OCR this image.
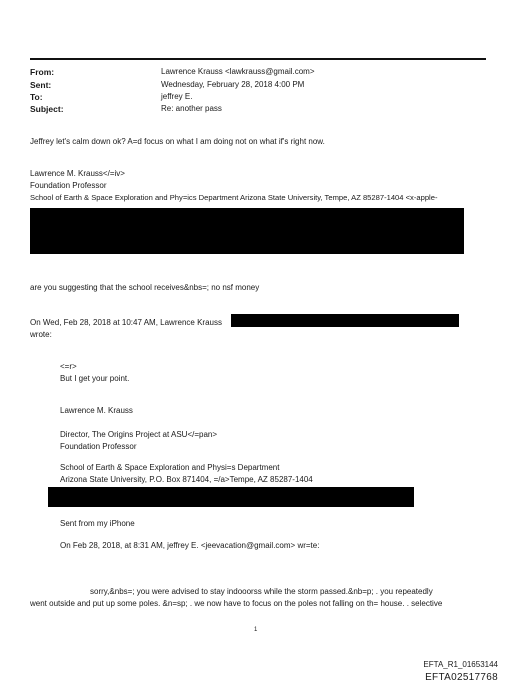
From:	Lawrence Krauss <lawkrauss@gmail.com>
Sent:	Wednesday, February 28, 2018 4:00 PM
To:	jeffrey E.
Subject:	Re: another pass
Jeffrey let's calm down ok? A=d focus on what I am doing not on what if's right now.
Lawrence M. Krauss</=iv>
Foundation Professor
School of Earth & Space Exploration and Phy=ics Department Arizona State University, Tempe, AZ 85287-1404 <x-apple-
are you suggesting that the school receives&nbs=; no nsf money
On Wed, Feb 28, 2018 at 10:47 AM, Lawrence Krauss
wrote:
<=r>
But I get your point.
Lawrence M. Krauss
Director, The Origins Project at ASU</=pan>
Foundation Professor
School of Earth & Space Exploration and Physi=s Department
Arizona State University, P.O. Box 871404, =/a>Tempe, AZ 85287-1404
Sent from my iPhone
On Feb 28, 2018, at 8:31 AM, jeffrey E. <jeevacation@gmail.com> wr=te:
sorry,&nbs=; you were advised to stay indooorss while the storm passed.&nb=p; . you repeatedly
went outside and put up some poles. &n=sp; . we now have to focus on the poles not falling on th= house. . selective
1
EFTA_R1_01653144
EFTA02517768
